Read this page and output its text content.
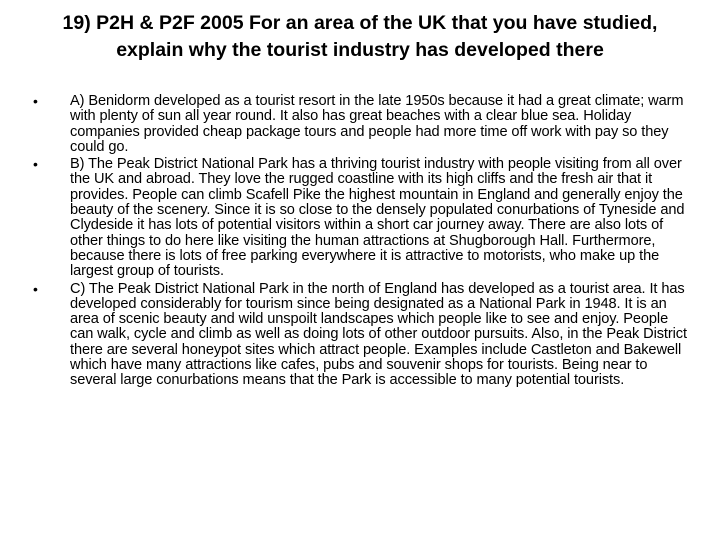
19) P2H & P2F 2005 For an area of the UK that you have studied, explain why the tourist industry has developed there
• A) Benidorm developed as a tourist resort in the late 1950s because it had a great climate; warm with plenty of sun all year round. It also has great beaches with a clear blue sea. Holiday companies provided cheap package tours and people had more time off work with pay so they could go.
• B) The Peak District National Park has a thriving tourist industry with people visiting from all over the UK and abroad. They love the rugged coastline with its high cliffs and the fresh air that it provides. People can climb Scafell Pike the highest mountain in England and generally enjoy the beauty of the scenery. Since it is so close to the densely populated conurbations of Tyneside and Clydeside it has lots of potential visitors within a short car journey away. There are also lots of other things to do here like visiting the human attractions at Shugborough Hall. Furthermore, because there is lots of free parking everywhere it is attractive to motorists, who make up the largest group of tourists.
• C) The Peak District National Park in the north of England has developed as a tourist area. It has developed considerably for tourism since being designated as a National Park in 1948. It is an area of scenic beauty and wild unspoilt landscapes which people like to see and enjoy. People can walk, cycle and climb as well as doing lots of other outdoor pursuits. Also, in the Peak District there are several honeypot sites which attract people. Examples include Castleton and Bakewell which have many attractions like cafes, pubs and souvenir shops for tourists. Being near to several large conurbations means that the Park is accessible to many potential tourists.
